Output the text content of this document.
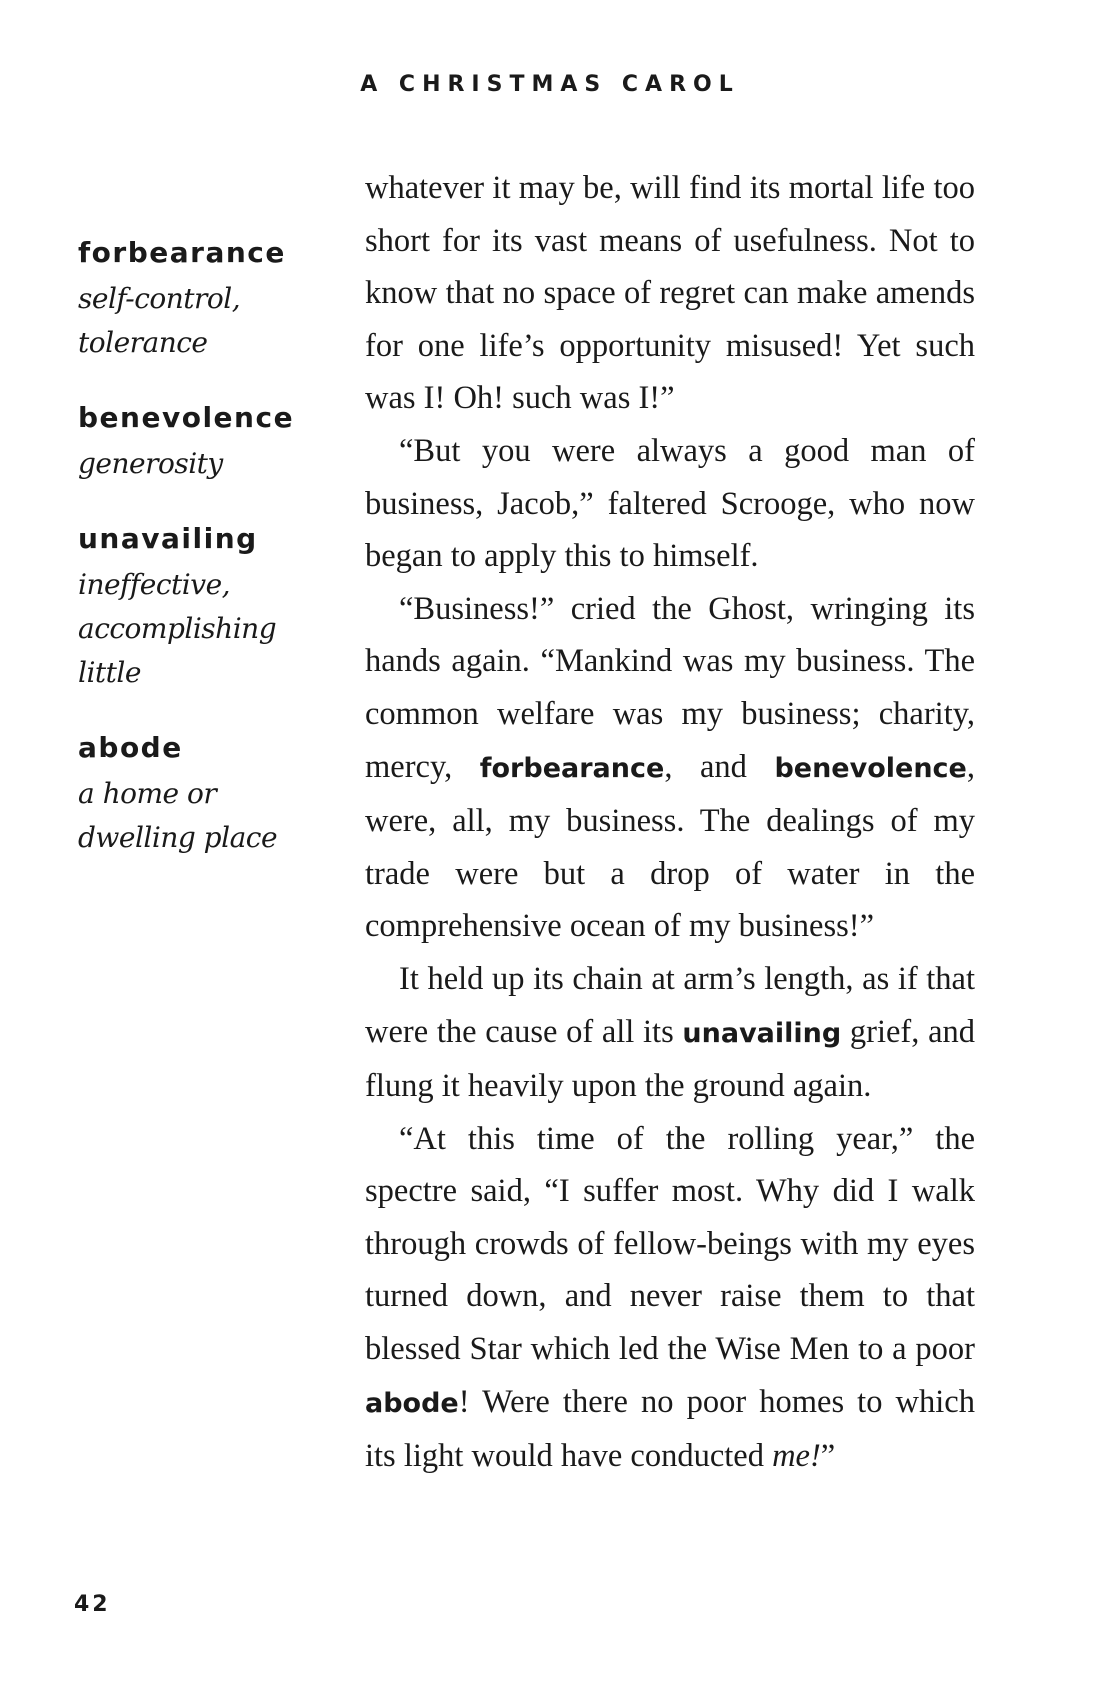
A CHRISTMAS CAROL

forbearance

self-control, tolerance

benevolence

generosity

unavailing

ineffective, accomplishing little

abode

a home or dwelling place

whatever it may be, will find its mortal life too short for its vast means of usefulness. Not to know that no space of regret can make amends for one life’s opportunity misused! Yet such was I! Oh! such was I!”

“But you were always a good man of business, Jacob,” faltered Scrooge, who now began to apply this to himself.

“Business!” cried the Ghost, wringing its hands again. “Mankind was my business. The common welfare was my business; charity, mercy, forbearance, and benevolence, were, all, my business. The dealings of my trade were but a drop of water in the comprehensive ocean of my business!”

It held up its chain at arm’s length, as if that were the cause of all its unavailing grief, and flung it heavily upon the ground again.

“At this time of the rolling year,” the spectre said, “I suffer most. Why did I walk through crowds of fellow-beings with my eyes turned down, and never raise them to that blessed Star which led the Wise Men to a poor abode! Were there no poor homes to which its light would have conducted me!”

42
